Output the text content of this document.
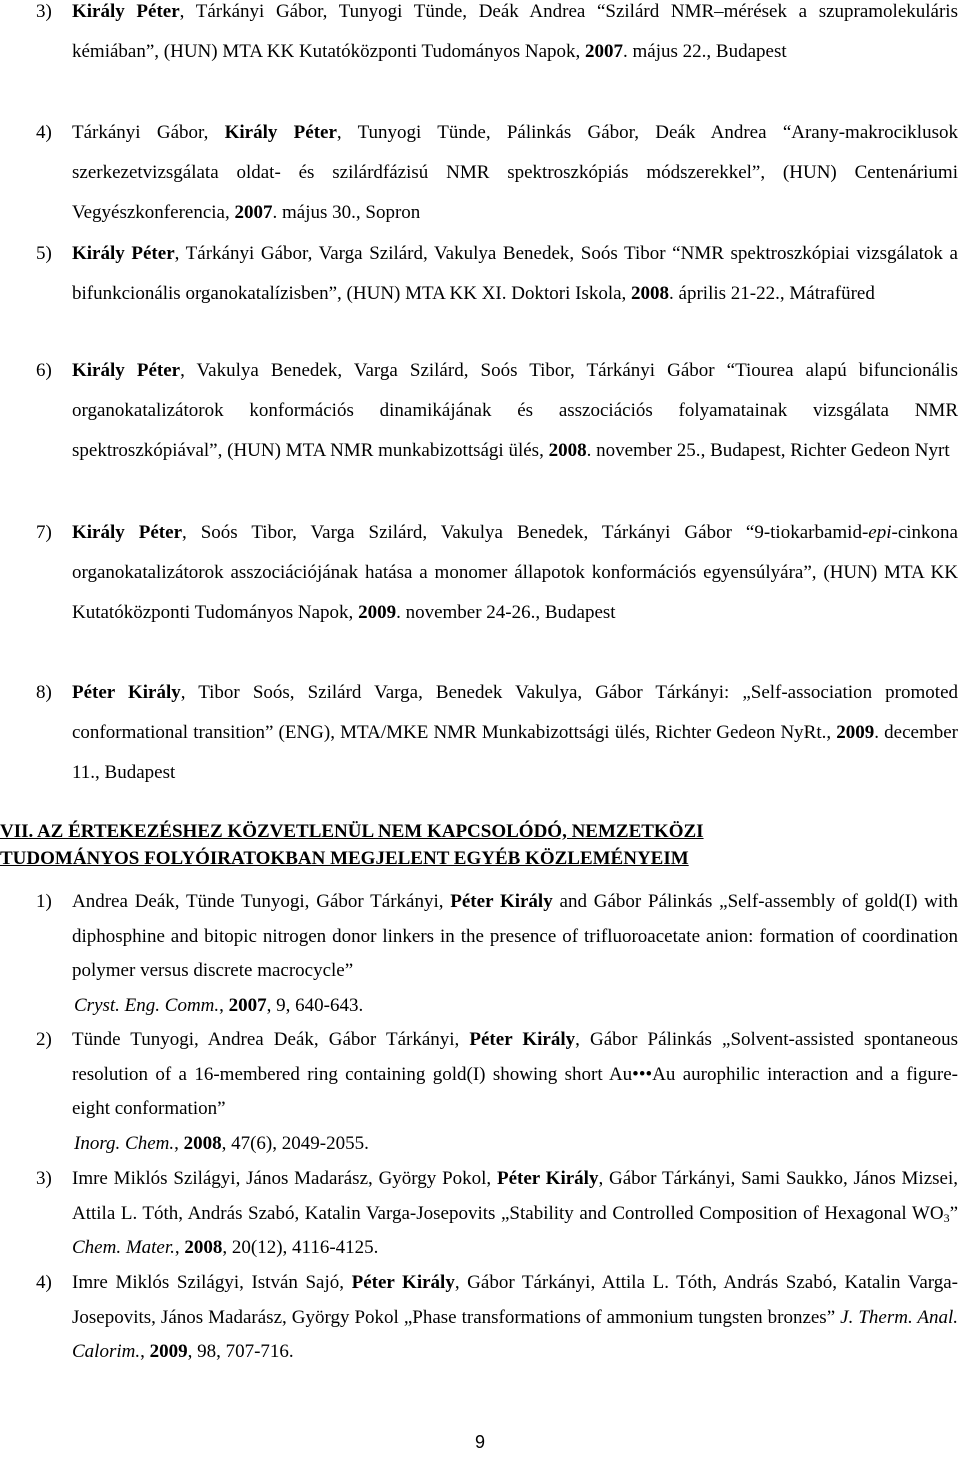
3) Király Péter, Tárkányi Gábor, Tunyogi Tünde, Deák Andrea “Szilárd NMR–mérések a szupramolekuláris kémiában”, (HUN) MTA KK Kutatóközponti Tudományos Napok, 2007. május 22., Budapest
4) Tárkányi Gábor, Király Péter, Tunyogi Tünde, Pálinkás Gábor, Deák Andrea “Arany-makrociklusok szerkezetvizsgálata oldat- és szilárdfázisú NMR spektroszkópiás módszerekkel”, (HUN) Centenáriumi Vegyészkonferencia, 2007. május 30., Sopron
5) Király Péter, Tárkányi Gábor, Varga Szilárd, Vakulya Benedek, Soós Tibor “NMR spektroszkópiai vizsgálatok a bifunkcionális organokatalízisben”, (HUN) MTA KK XI. Doktori Iskola, 2008. április 21-22., Mátrafüred
6) Király Péter, Vakulya Benedek, Varga Szilárd, Soós Tibor, Tárkányi Gábor “Tiourea alapú bifuncionális organokatalizátorok konformációs dinamikájának és asszociációs folyamatainak vizsgálata NMR spektroszkópiával”, (HUN) MTA NMR munkabizottsági ülés, 2008. november 25., Budapest, Richter Gedeon Nyrt
7) Király Péter, Soós Tibor, Varga Szilárd, Vakulya Benedek, Tárkányi Gábor “9-tiokarbamid-epi-cinkona organokatalizátorok asszociációjának hatása a monomer állapotok konformációs egyensúlyára”, (HUN) MTA KK Kutatóközponti Tudományos Napok, 2009. november 24-26., Budapest
8) Péter Király, Tibor Soós, Szilárd Varga, Benedek Vakulya, Gábor Tárkányi: „Self-association promoted conformational transition” (ENG), MTA/MKE NMR Munkabizottsági ülés, Richter Gedeon NyRt., 2009. december 11., Budapest
VII. AZ ÉRTEKEZÉSHEZ KÖZVETLENÜL NEM KAPCSOLÓDÓ, NEMZETKÖZI
TUDOMÁNYOS FOLYÓIRATOKBAN MEGJELENT EGYÉB KÖZLEMÉNYEIM
1) Andrea Deák, Tünde Tunyogi, Gábor Tárkányi, Péter Király and Gábor Pálinkás „Self-assembly of gold(I) with diphosphine and bitopic nitrogen donor linkers in the presence of trifluoroacetate anion: formation of coordination polymer versus discrete macrocycle”
Cryst. Eng. Comm., 2007, 9, 640-643.
2) Tünde Tunyogi, Andrea Deák, Gábor Tárkányi, Péter Király, Gábor Pálinkás „Solvent-assisted spontaneous resolution of a 16-membered ring containing gold(I) showing short Au•••Au aurophilic interaction and a figure-eight conformation”
Inorg. Chem., 2008, 47(6), 2049-2055.
3) Imre Miklós Szilágyi, János Madarász, György Pokol, Péter Király, Gábor Tárkányi, Sami Saukko, János Mizsei, Attila L. Tóth, András Szabó, Katalin Varga-Josepovits „Stability and Controlled Composition of Hexagonal $WO_3$” Chem. Mater., 2008, 20(12), 4116-4125.
4) Imre Miklós Szilágyi, István Sajó, Péter Király, Gábor Tárkányi, Attila L. Tóth, András Szabó, Katalin Varga-Josepovits, János Madarász, György Pokol „Phase transformations of ammonium tungsten bronzes” J. Therm. Anal. Calorim., 2009, 98, 707-716.
9
